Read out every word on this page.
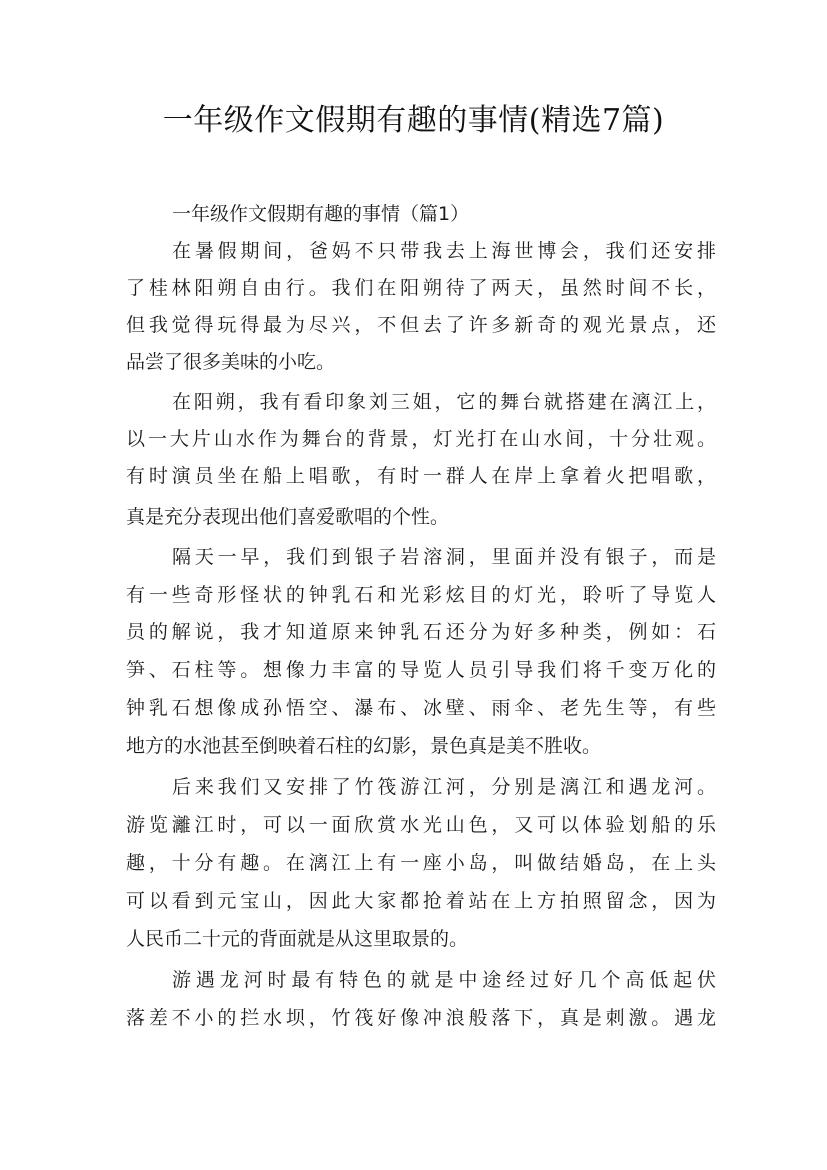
一年级作文假期有趣的事情(精选7篇)
一年级作文假期有趣的事情（篇1）
在暑假期间，爸妈不只带我去上海世博会，我们还安排
了桂林阳朔自由行。我们在阳朔待了两天，虽然时间不长，
但我觉得玩得最为尽兴，不但去了许多新奇的观光景点，还
品尝了很多美味的小吃。
在阳朔，我有看印象刘三姐，它的舞台就搭建在漓江上，
以一大片山水作为舞台的背景，灯光打在山水间，十分壮观。
有时演员坐在船上唱歌，有时一群人在岸上拿着火把唱歌，
真是充分表现出他们喜爱歌唱的个性。
隔天一早，我们到银子岩溶洞，里面并没有银子，而是
有一些奇形怪状的钟乳石和光彩炫目的灯光，聆听了导览人
员的解说，我才知道原来钟乳石还分为好多种类，例如：石
笋、石柱等。想像力丰富的导览人员引导我们将千变万化的
钟乳石想像成孙悟空、瀑布、冰壁、雨伞、老先生等，有些
地方的水池甚至倒映着石柱的幻影，景色真是美不胜收。
后来我们又安排了竹筏游江河，分别是漓江和遇龙河。
游览灕江时，可以一面欣赏水光山色，又可以体验划船的乐
趣，十分有趣。在漓江上有一座小岛，叫做结婚岛，在上头
可以看到元宝山，因此大家都抢着站在上方拍照留念，因为
人民币二十元的背面就是从这里取景的。
游遇龙河时最有特色的就是中途经过好几个高低起伏
落差不小的拦水坝，竹筏好像冲浪般落下，真是刺激。遇龙
